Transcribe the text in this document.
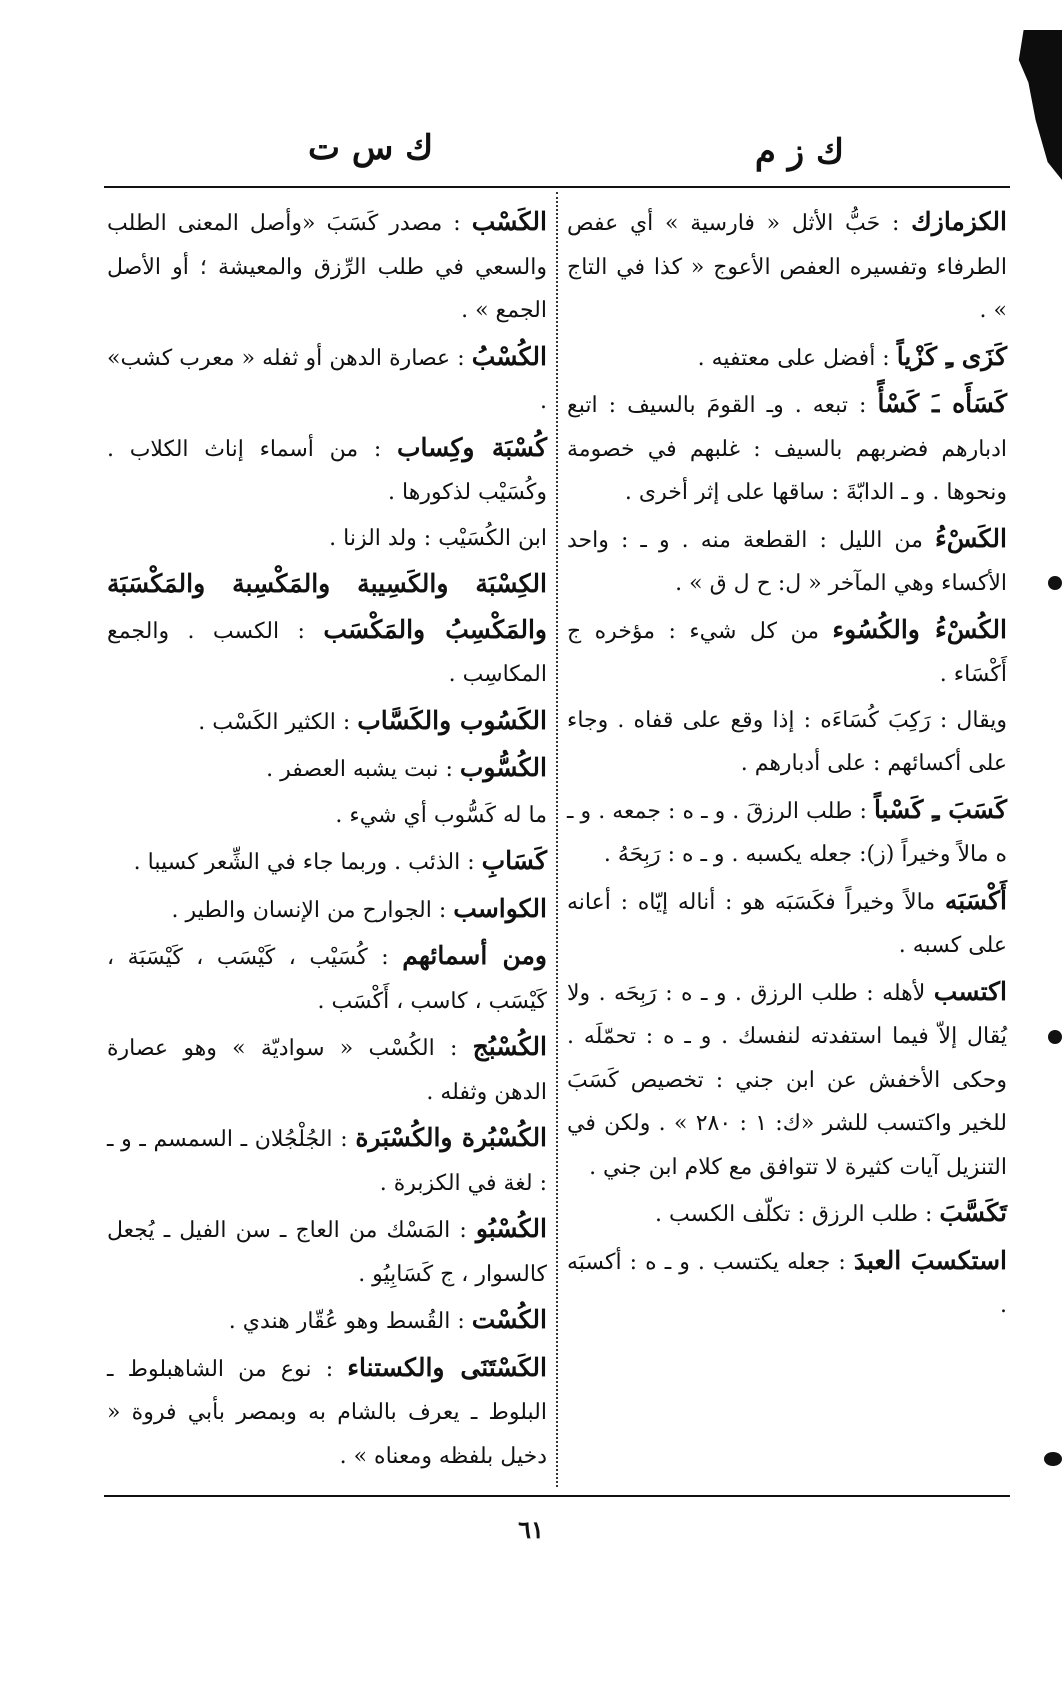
ك ز م
ك س ت

الكزمازك : حَبُّ الأثل « فارسية » أي عفص الطرفاء وتفسيره العفص الأعوج « كذا في التاج » .

كَزَى ـِ كَزْياً : أفضل على معتفيه .

كَسَأَه ـَ كَسْأً : تبعه . وـ القومَ بالسيف : اتبع ادبارهم فضربهم بالسيف : غلبهم في خصومة ونحوها . و ـ الدابّةَ : ساقها على إثر أخرى .

الكَسْءُ من الليل : القطعة منه . و ـ : واحد الأكساء وهي المآخر « ل: ح ل ق » .

الكُسْءُ والكُسُوء من كل شيء : مؤخره ج أَكْسَاء .

ويقال : رَكِبَ كُسَاءَه : إذا وقع على قفاه . وجاء على أكسائهم : على أدبارهم .

كَسَبَ ـِ كَسْباً : طلب الرزقَ . و ـ ه : جمعه . و ـ ه مالاً وخيراً (ز): جعله يكسبه . و ـ ه : رَبِحَهُ .

أَكْسَبَه مالاً وخيراً فكَسَبَه هو : أناله إيّاه : أعانه على كسبه .

اكتسب لأهله : طلب الرزق . و ـ ه : رَبِحَه . ولا يُقال إلاّ فيما استفدته لنفسك . و ـ ه : تحمّلَه . وحكى الأخفش عن ابن جني : تخصيص كَسَبَ للخير واكتسب للشر «ك: ١ : ٢٨٠ » . ولكن في التنزيل آيات كثيرة لا تتوافق مع كلام ابن جني .

تَكَسَّبَ : طلب الرزق : تكلّف الكسب .

استكسبَ العبدَ : جعله يكتسب . و ـ ه : أكسبَه .

الكَسْب : مصدر كَسَبَ «وأصل المعنى الطلب والسعي في طلب الرِّزق والمعيشة ؛ أو الأصل الجمع » .

الكُسْبُ : عصارة الدهن أو ثفله « معرب كشب» .

كُسْبَة وكِساب : من أسماء إناث الكلاب . وكُسَيْب لذكورها .

ابن الكُسَيْب : ولد الزنا .

الكِسْبَة والكَسِيبة والمَكْسِبة والمَكْسَبَة والمَكْسِبُ والمَكْسَب : الكسب . والجمع المكاسِب .

الكَسُوب والكَسَّاب : الكثير الكَسْب .

الكُسُّوب : نبت يشبه العصفر .

ما له كَسُّوب أي شيء .

كَسَابِ : الذئب . وربما جاء في الشِّعر كسيبا .

الكواسب : الجوارح من الإنسان والطير .

ومن أسمائهم : كُسَيْب ، كَيْسَب ، كَيْسَبَة ، كَيْسَب ، كاسب ، أَكْسَب .

الكُسْبُج : الكُسْب « سواديّة » وهو عصارة الدهن وثفله .

الكُسْبُرة والكُسْبَرة : الجُلْجُلان ـ السمسم ـ و ـ : لغة في الكزبرة .

الكُسْبُو : المَسْك من العاج ـ سن الفيل ـ يُجعل كالسوار ، ج كَسَابِيُو .

الكُسْت : القُسط وهو عُقّار هندي .

الكَسْتَنَى والكستناء : نوع من الشاهبلوط ـ البلوط ـ يعرف بالشام به وبمصر بأبي فروة « دخيل بلفظه ومعناه » .

٦١
